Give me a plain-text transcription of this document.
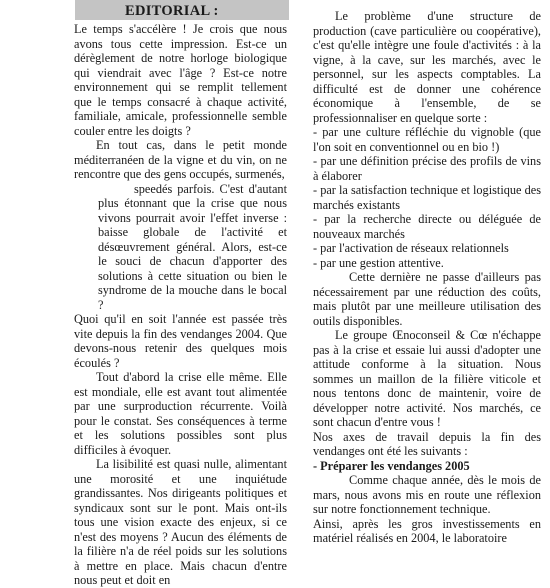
EDITORIAL :

Le temps s'accélère ! Je crois que nous avons tous cette impression. Est-ce un dérèglement de notre horloge biologique qui viendrait avec l'âge ? Est-ce notre environnement qui se remplit tellement que le temps consacré à chaque activité, familiale, amicale, professionnelle semble couler entre les doigts ?

En tout cas, dans le petit monde méditerranéen de la vigne et du vin, on ne rencontre que des gens occupés, surmenés,

speedés parfois. C'est d'autant plus étonnant que la crise que nous vivons pourrait avoir l'effet inverse : baisse globale de l'activité et désœuvrement général. Alors, est-ce le souci de chacun d'apporter des solutions à cette situation ou bien le syndrome de la mouche dans le bocal ?

Quoi qu'il en soit l'année est passée très vite depuis la fin des vendanges 2004. Que devons-nous retenir des quelques mois écoulés ?

Tout d'abord la crise elle même. Elle est mondiale, elle est avant tout alimentée par une surproduction récurrente. Voilà pour le constat. Ses conséquences à terme et les solutions possibles sont plus difficiles à évoquer.

La lisibilité est quasi nulle, alimentant une morosité et une inquiétude grandissantes. Nos dirigeants politiques et syndicaux sont sur le pont. Mais ont-ils tous une vision exacte des enjeux, si ce n'est des moyens ? Aucun des éléments de la filière n'a de réel poids sur les solutions à mettre en place. Mais chacun d'entre nous peut et doit en

Le problème d'une structure de production (cave particulière ou coopérative), c'est qu'elle intègre une foule d'activités : à la vigne, à la cave, sur les marchés, avec le personnel, sur les aspects comptables. La difficulté est de donner une cohérence économique à l'ensemble, de se professionnaliser en quelque sorte :

- par une culture réfléchie du vignoble (que l'on soit en conventionnel ou en bio !)
- par une définition précise des profils de vins à élaborer
- par la satisfaction technique et logistique des marchés existants
- par la recherche directe ou déléguée de nouveaux marchés
- par l'activation de réseaux relationnels
- par une gestion attentive.

Cette dernière ne passe d'ailleurs pas nécessairement par une réduction des coûts, mais plutôt par une meilleure utilisation des outils disponibles.

Le groupe Œnoconseil & Cœ n'échappe pas à la crise et essaie lui aussi d'adopter une attitude conforme à la situation. Nous sommes un maillon de la filière viticole et nous tentons donc de maintenir, voire de développer notre activité. Nos marchés, ce sont chacun d'entre vous !

Nos axes de travail depuis la fin des vendanges ont été les suivants :

- Préparer les vendanges 2005

Comme chaque année, dès le mois de mars, nous avons mis en route une réflexion sur notre fonctionnement technique.

Ainsi, après les gros investissements en matériel réalisés en 2004, le laboratoire
